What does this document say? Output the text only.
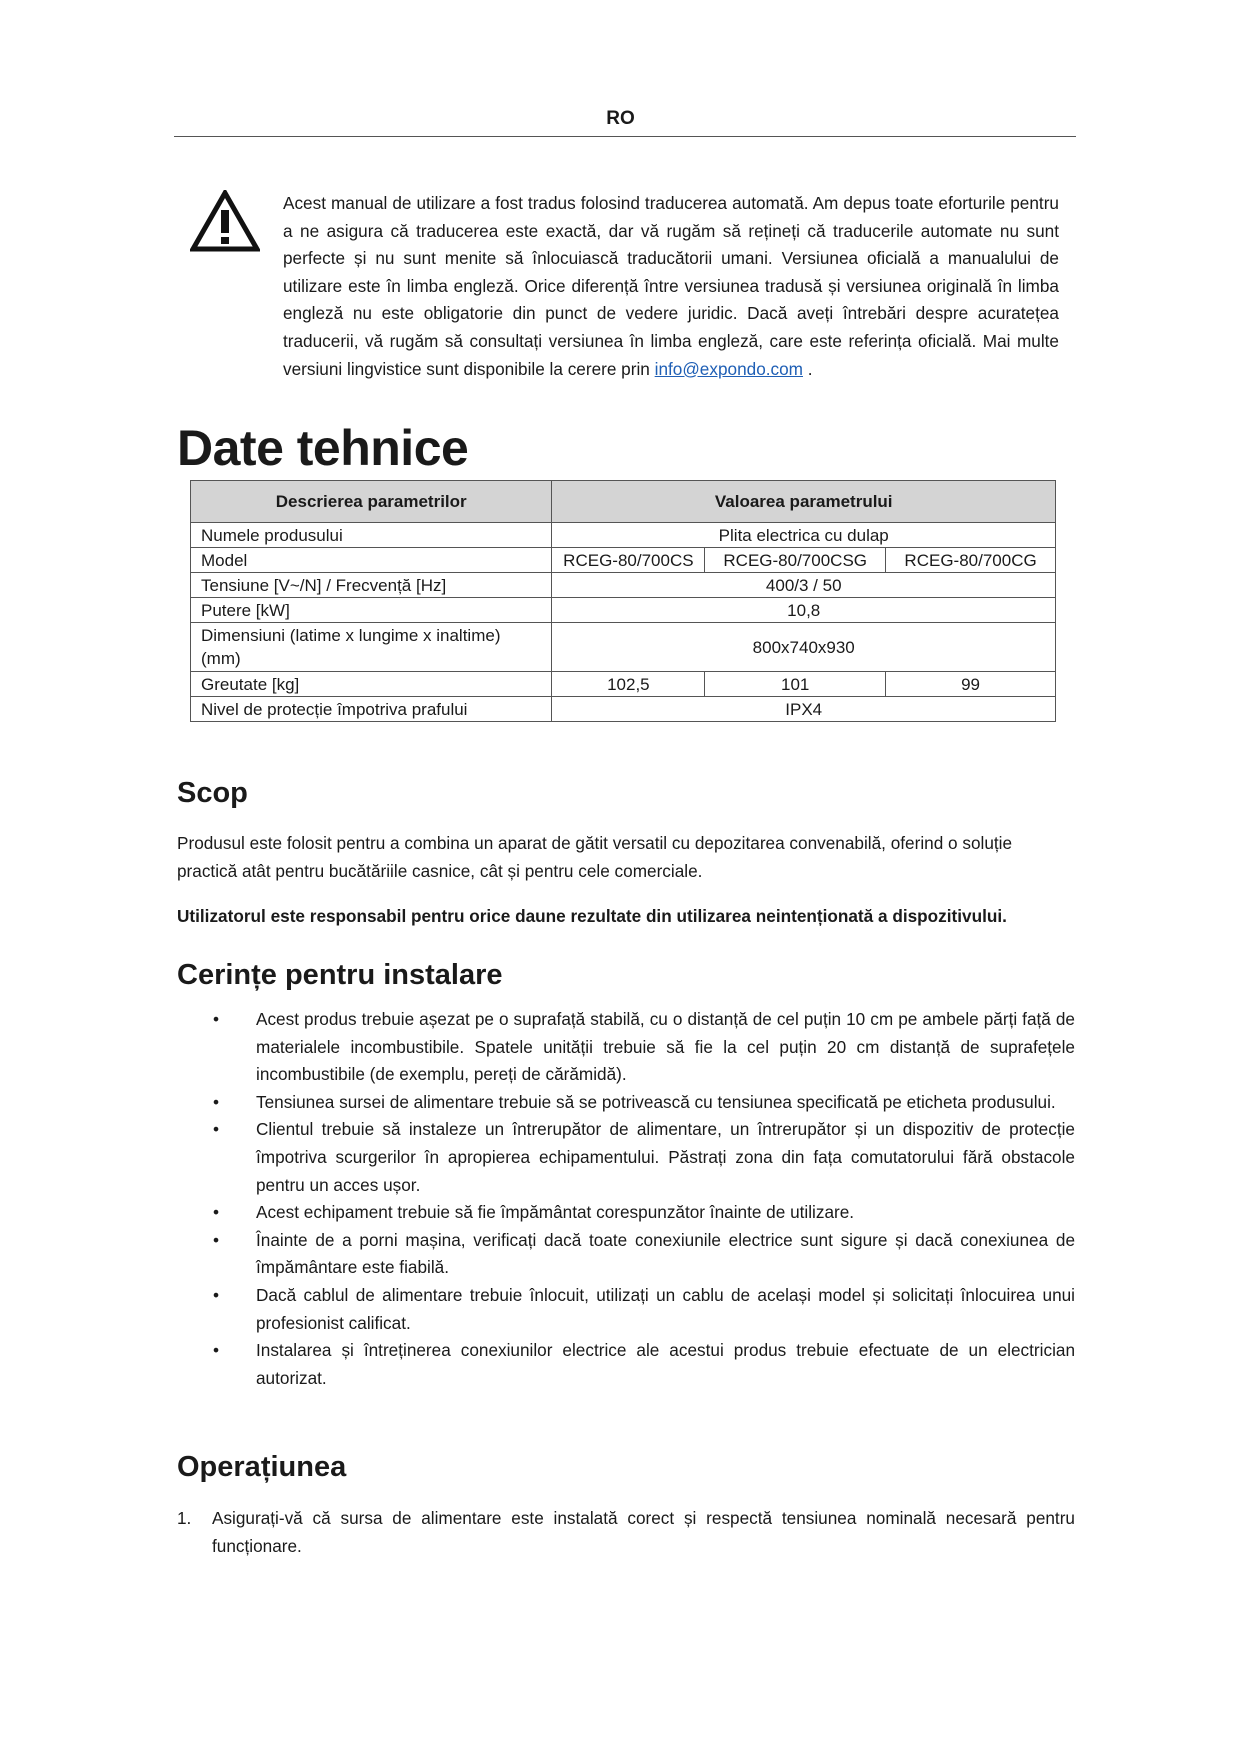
RO
Acest manual de utilizare a fost tradus folosind traducerea automată. Am depus toate eforturile pentru a ne asigura că traducerea este exactă, dar vă rugăm să rețineți că traducerile automate nu sunt perfecte și nu sunt menite să înlocuiască traducătorii umani. Versiunea oficială a manualului de utilizare este în limba engleză. Orice diferență între versiunea tradusă și versiunea originală în limba engleză nu este obligatorie din punct de vedere juridic. Dacă aveți întrebări despre acuratețea traducerii, vă rugăm să consultați versiunea în limba engleză, care este referința oficială. Mai multe versiuni lingvistice sunt disponibile la cerere prin info@expondo.com .
Date tehnice
Descrierea parametrilor	Valoarea parametrului		
Numele produsului	Plita electrica cu dulap		
Model	RCEG-80/700CS	RCEG-80/700CSG	RCEG-80/700CG
Tensiune [V~/N] / Frecvență [Hz]	400/3 / 50		
Putere [kW]	10,8		
Dimensiuni (latime x lungime x inaltime) (mm)	800x740x930		
Greutate [kg]	102,5	101	99
Nivel de protecție împotriva prafului	IPX4		
Scop
Produsul este folosit pentru a combina un aparat de gătit versatil cu depozitarea convenabilă, oferind o soluție practică atât pentru bucătăriile casnice, cât și pentru cele comerciale.
Utilizatorul este responsabil pentru orice daune rezultate din utilizarea neintenționată a dispozitivului.
Cerințe pentru instalare
• Acest produs trebuie așezat pe o suprafață stabilă, cu o distanță de cel puțin 10 cm pe ambele părți față de materialele incombustibile. Spatele unității trebuie să fie la cel puțin 20 cm distanță de suprafețele incombustibile (de exemplu, pereți de cărămidă).
• Tensiunea sursei de alimentare trebuie să se potrivească cu tensiunea specificată pe eticheta produsului.
• Clientul trebuie să instaleze un întrerupător de alimentare, un întrerupător și un dispozitiv de protecție împotriva scurgerilor în apropierea echipamentului. Păstrați zona din fața comutatorului fără obstacole pentru un acces ușor.
• Acest echipament trebuie să fie împământat corespunzător înainte de utilizare.
• Înainte de a porni mașina, verificați dacă toate conexiunile electrice sunt sigure și dacă conexiunea de împământare este fiabilă.
• Dacă cablul de alimentare trebuie înlocuit, utilizați un cablu de același model și solicitați înlocuirea unui profesionist calificat.
• Instalarea și întreținerea conexiunilor electrice ale acestui produs trebuie efectuate de un electrician autorizat.
Operațiunea
1. Asigurați-vă că sursa de alimentare este instalată corect și respectă tensiunea nominală necesară pentru funcționare.
